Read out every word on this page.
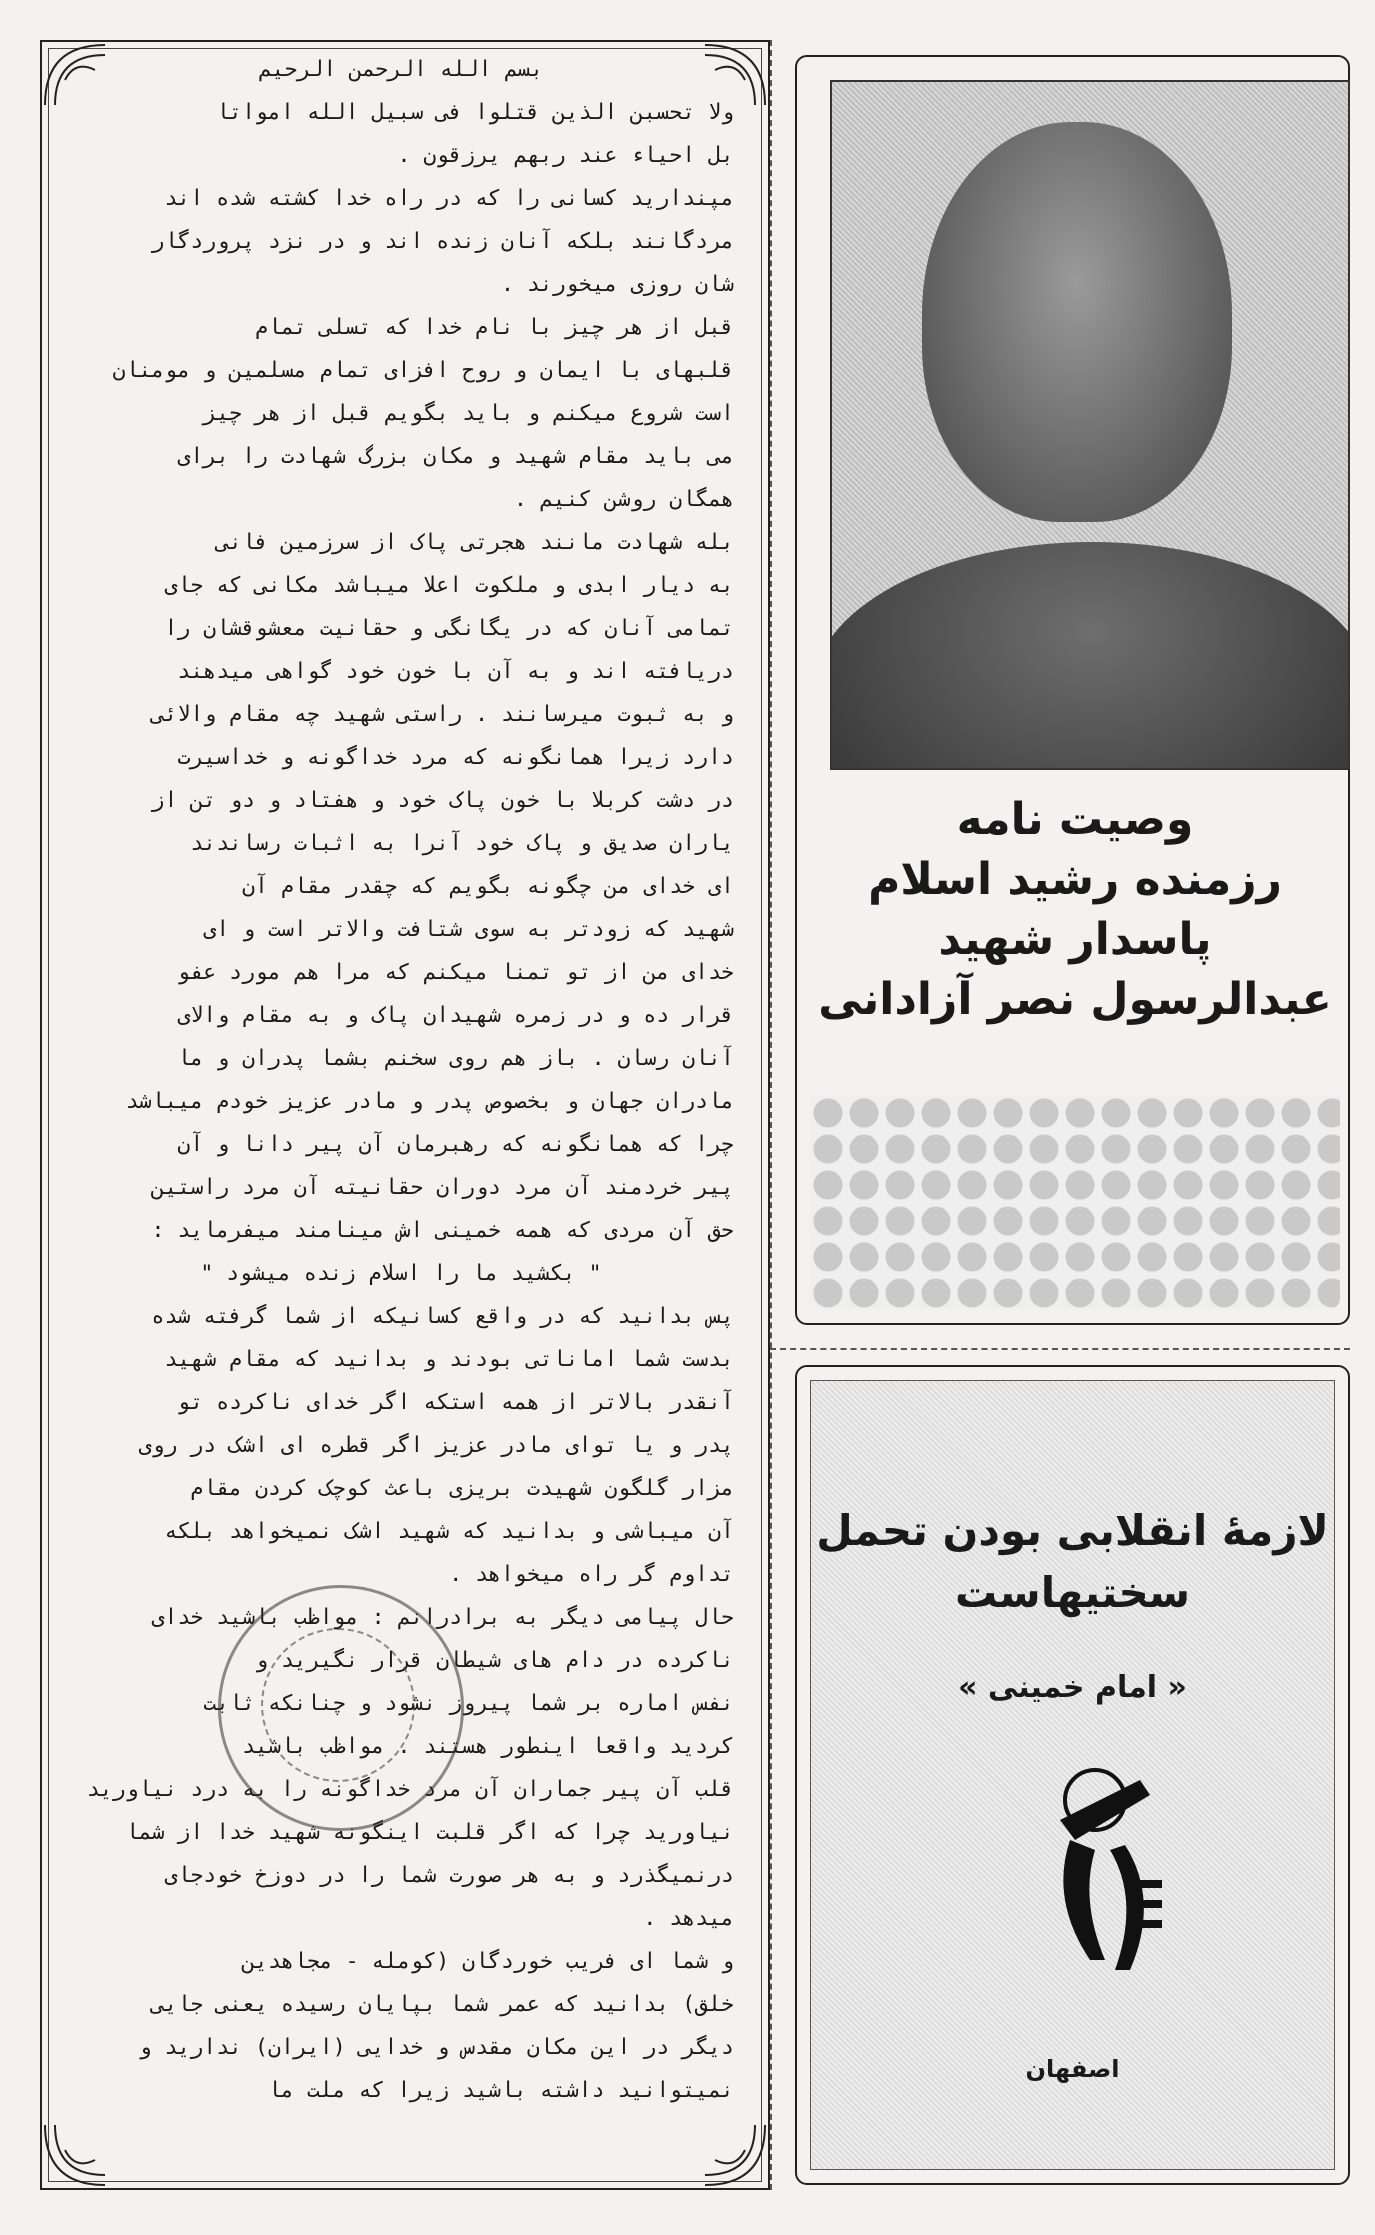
بسم الله الرحمن الرحيم

ولا تحسبن الذين قتلوا فی سبيل الله امواتا

بل احياء عند ربهم يرزقون .

مپندارید کسانی را که در راه خدا کشته شده اند

مردگانند بلکه آنان زنده اند و در نزد پروردگار

شان روزی میخورند .

قبل از هر چیز با نام خدا که تسلی تمام

قلبهای با ایمان و روح افزای تمام مسلمین و مومنان

است شروع میکنم و باید بگویم قبل از هر چیز

می باید مقام شهید و مکان بزرگ شهادت را برای

همگان روشن کنیم .

بله شهادت مانند هجرتی پاک از سرزمین فانی

به دیار ابدی و ملکوت اعلا میباشد مکانی که جای

تمامی آنان که در یگانگی و حقانیت معشوقشان را

دریافته اند و به آن با خون خود گواهی میدهند

و به ثبوت میرسانند . راستی شهید چه مقام والائی

دارد زیرا همانگونه که مرد خداگونه و خداسیرت

در دشت کربلا با خون پاک خود و هفتاد و دو تن از

یاران صدیق و پاک خود آنرا به اثبات رساندند

ای خدای من چگونه بگویم که چقدر مقام آن

شهید که زودتر به سوی شتافت والاتر است و ای

خدای من از تو تمنا میکنم که مرا هم مورد عفو

قرار ده و در زمره شهیدان پاک و به مقام والای

آنان رسان . باز هم روی سخنم بشما پدران و ما

مادران جهان و بخصوص پدر و مادر عزیز خودم میباشد

چرا که همانگونه که رهبرمان آن پیر دانا و آن

پیر خردمند آن مرد دوران حقانیته آن مرد راستین

حق آن مردی که همه خمینی اش مینامند میفرماید :

" بکشید ما را اسلام زنده میشود "

پس بدانید که در واقع کسانیکه از شما گرفته شده

بدست شما اماناتی بودند و بدانید که مقام شهید

آنقدر بالاتر از همه استکه اگر خدای ناکرده تو

پدر و یا توای مادر عزیز اگر قطره ای اشک در روی

مزار گلگون شهیدت بریزی باعث کوچک کردن مقام

آن میباشی و بدانید که شهید اشک نمیخواهد بلکه

تداوم گر راه میخواهد .

حال پیامی دیگر به برادرانم : مواظب باشید خدای

ناکرده در دام های شیطان قرار نگیرید و

نفس اماره بر شما پیروز نشود و چنانکه ثابت

کردید واقعا اینطور هستند . مواظب باشید

قلب آن پیر جماران آن مرد خداگونه را به درد نیاورید

نیاورید چرا که اگر قلبت اینگونه شهید خدا از شما

درنمیگذرد و به هر صورت شما را در دوزخ خودجای

میدهد .

و شما ای فریب خوردگان (کومله - مجاهدین

خلق) بدانید که عمر شما بپایان رسیده یعنی جایی

دیگر در این مکان مقدس و خدایی (ایران) ندارید و

نمیتوانید داشته باشید زیرا که ملت ما

وصیت نامه

رزمنده رشید اسلام

پاسدار شهید

عبدالرسول نصر آزادانی

لازمهٔ انقلابی بودن تحمل

سختیهاست

« امام خمینی »
اصفهان
